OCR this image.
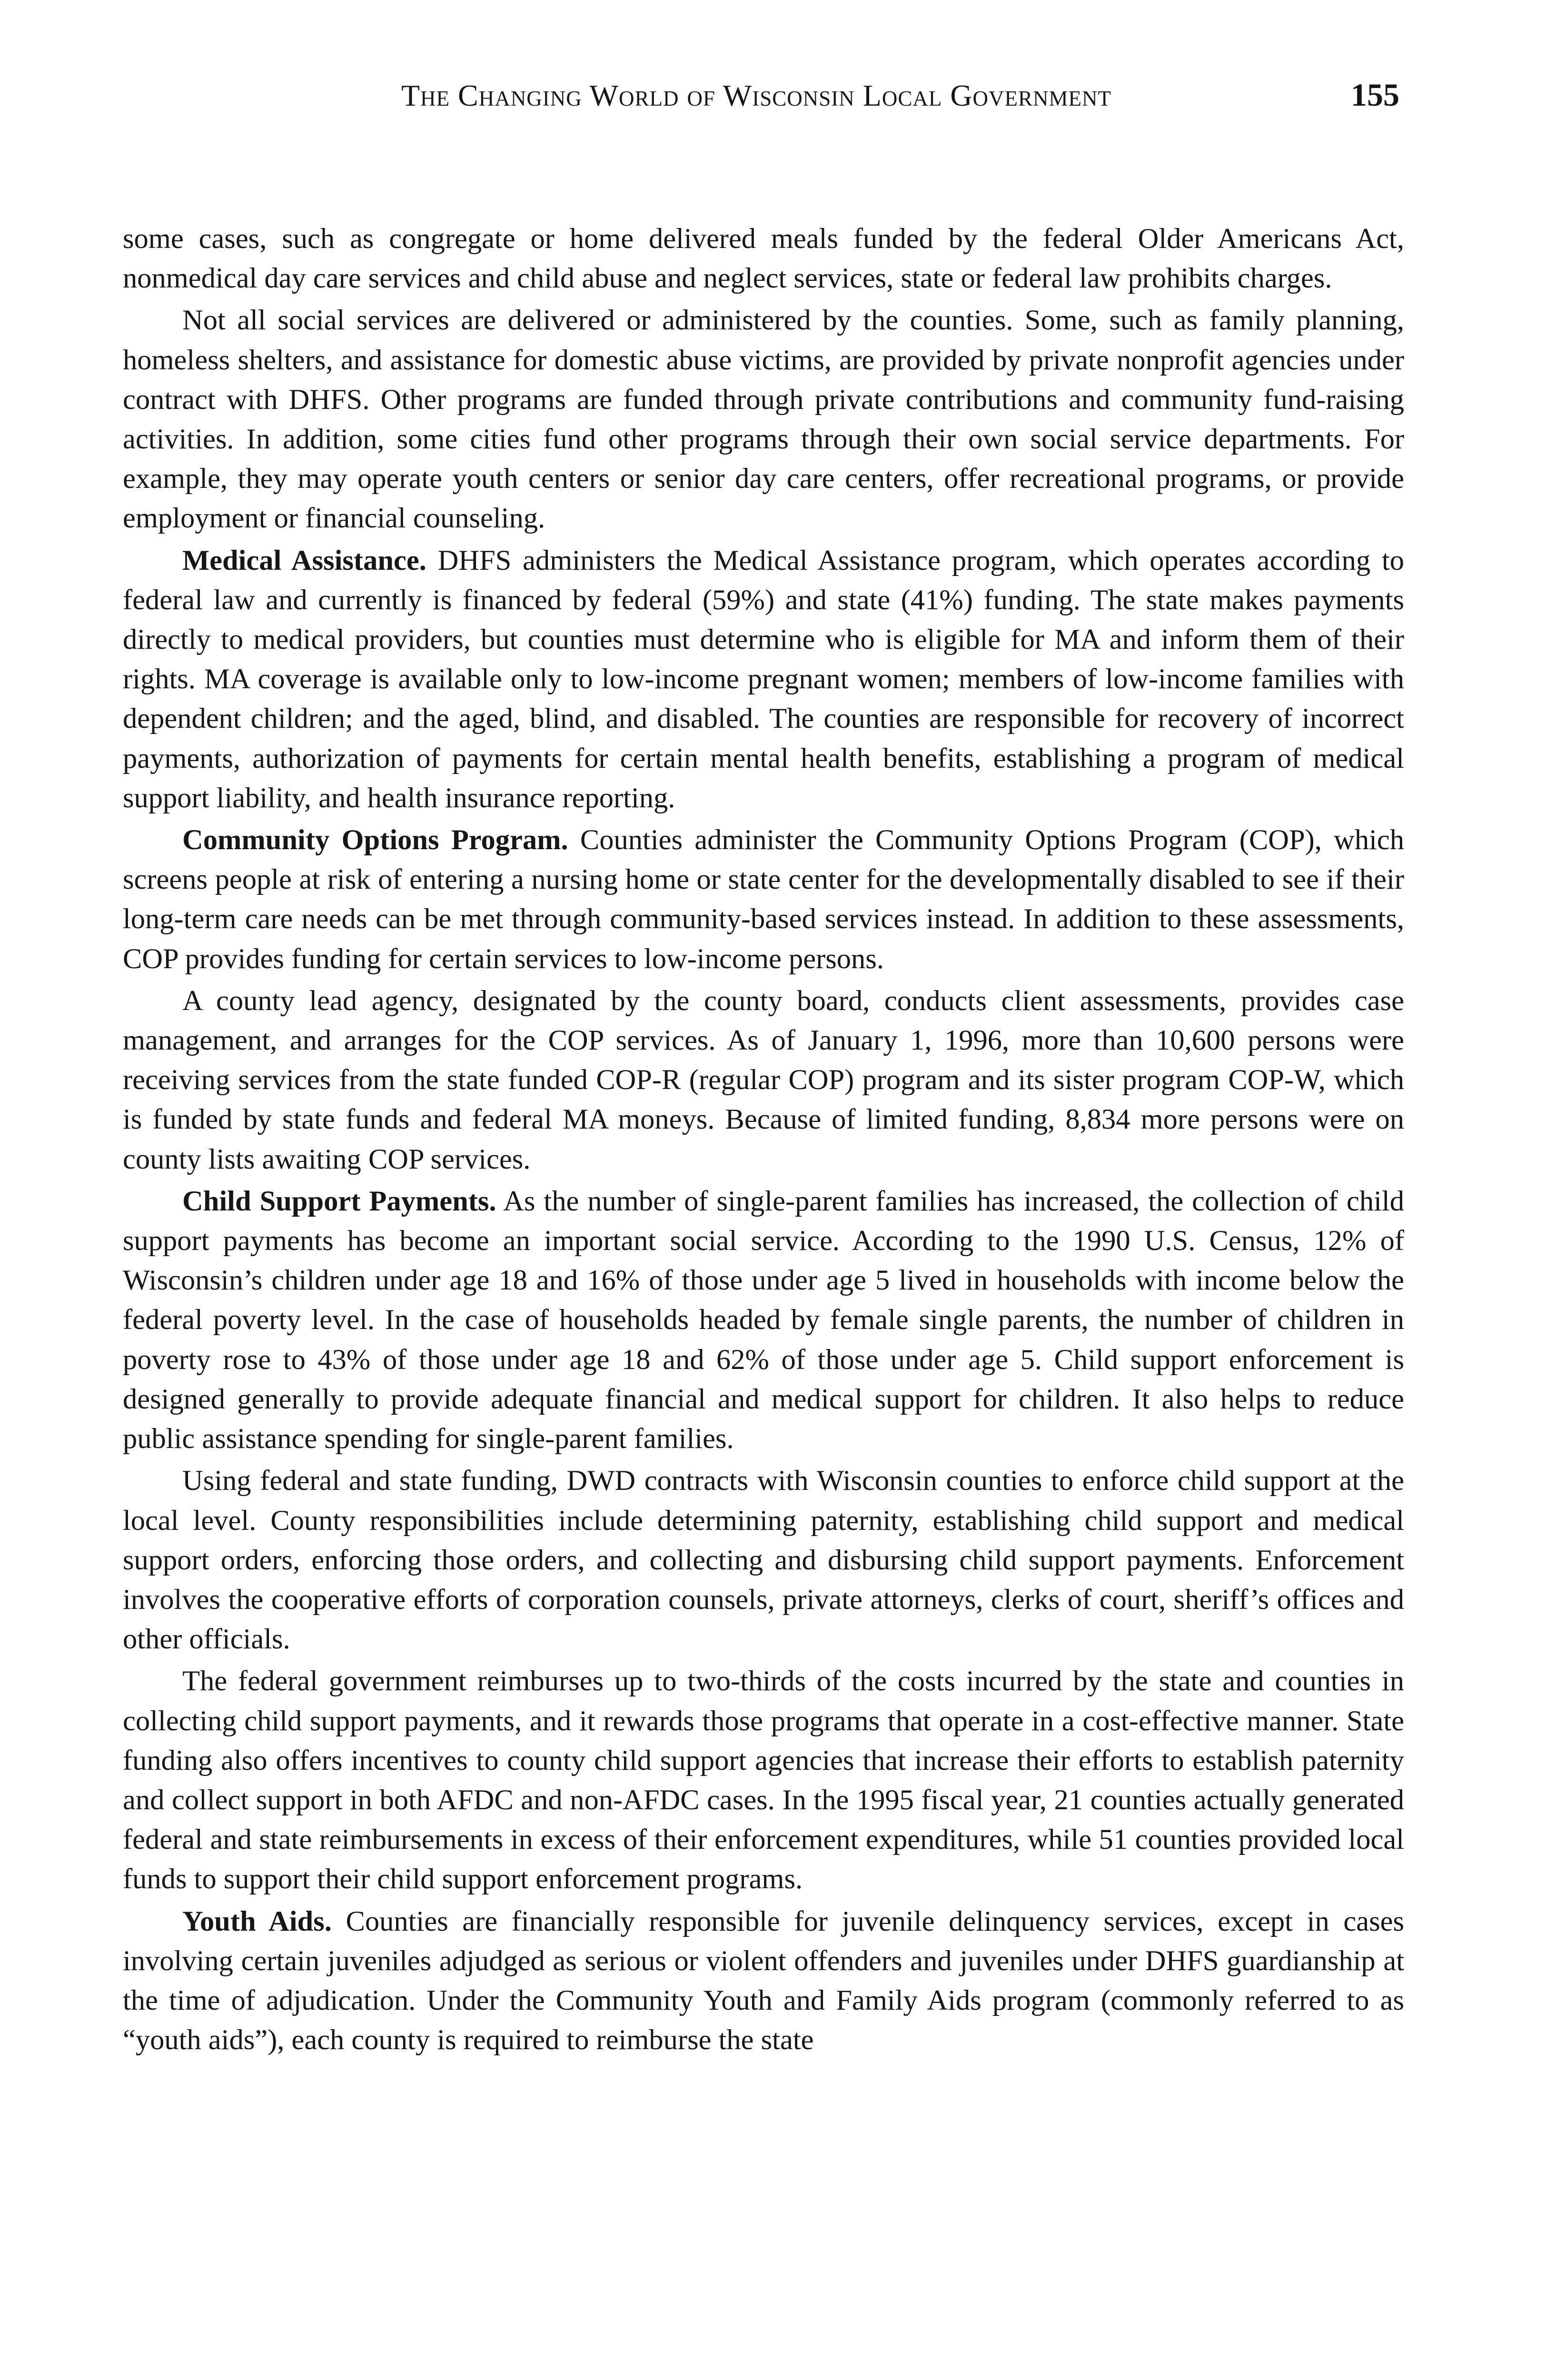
The Changing World of Wisconsin Local Government	155

some cases, such as congregate or home delivered meals funded by the federal Older Americans Act, nonmedical day care services and child abuse and neglect services, state or federal law prohibits charges.

Not all social services are delivered or administered by the counties. Some, such as family planning, homeless shelters, and assistance for domestic abuse victims, are provided by private nonprofit agencies under contract with DHFS. Other programs are funded through private contributions and community fund-raising activities. In addition, some cities fund other programs through their own social service departments. For example, they may operate youth centers or senior day care centers, offer recreational programs, or provide employment or financial counseling.

Medical Assistance. DHFS administers the Medical Assistance program, which operates according to federal law and currently is financed by federal (59%) and state (41%) funding. The state makes payments directly to medical providers, but counties must determine who is eligible for MA and inform them of their rights. MA coverage is available only to low-income pregnant women; members of low-income families with dependent children; and the aged, blind, and disabled. The counties are responsible for recovery of incorrect payments, authorization of payments for certain mental health benefits, establishing a program of medical support liability, and health insurance reporting.

Community Options Program. Counties administer the Community Options Program (COP), which screens people at risk of entering a nursing home or state center for the developmentally disabled to see if their long-term care needs can be met through community-based services instead. In addition to these assessments, COP provides funding for certain services to low-income persons.

A county lead agency, designated by the county board, conducts client assessments, provides case management, and arranges for the COP services. As of January 1, 1996, more than 10,600 persons were receiving services from the state funded COP-R (regular COP) program and its sister program COP-W, which is funded by state funds and federal MA moneys. Because of limited funding, 8,834 more persons were on county lists awaiting COP services.

Child Support Payments. As the number of single-parent families has increased, the collection of child support payments has become an important social service. According to the 1990 U.S. Census, 12% of Wisconsin’s children under age 18 and 16% of those under age 5 lived in households with income below the federal poverty level. In the case of households headed by female single parents, the number of children in poverty rose to 43% of those under age 18 and 62% of those under age 5. Child support enforcement is designed generally to provide adequate financial and medical support for children. It also helps to reduce public assistance spending for single-parent families.

Using federal and state funding, DWD contracts with Wisconsin counties to enforce child support at the local level. County responsibilities include determining paternity, establishing child support and medical support orders, enforcing those orders, and collecting and disbursing child support payments. Enforcement involves the cooperative efforts of corporation counsels, private attorneys, clerks of court, sheriff’s offices and other officials.

The federal government reimburses up to two-thirds of the costs incurred by the state and counties in collecting child support payments, and it rewards those programs that operate in a cost-effective manner. State funding also offers incentives to county child support agencies that increase their efforts to establish paternity and collect support in both AFDC and non-AFDC cases. In the 1995 fiscal year, 21 counties actually generated federal and state reimbursements in excess of their enforcement expenditures, while 51 counties provided local funds to support their child support enforcement programs.

Youth Aids. Counties are financially responsible for juvenile delinquency services, except in cases involving certain juveniles adjudged as serious or violent offenders and juveniles under DHFS guardianship at the time of adjudication. Under the Community Youth and Family Aids program (commonly referred to as “youth aids”), each county is required to reimburse the state
